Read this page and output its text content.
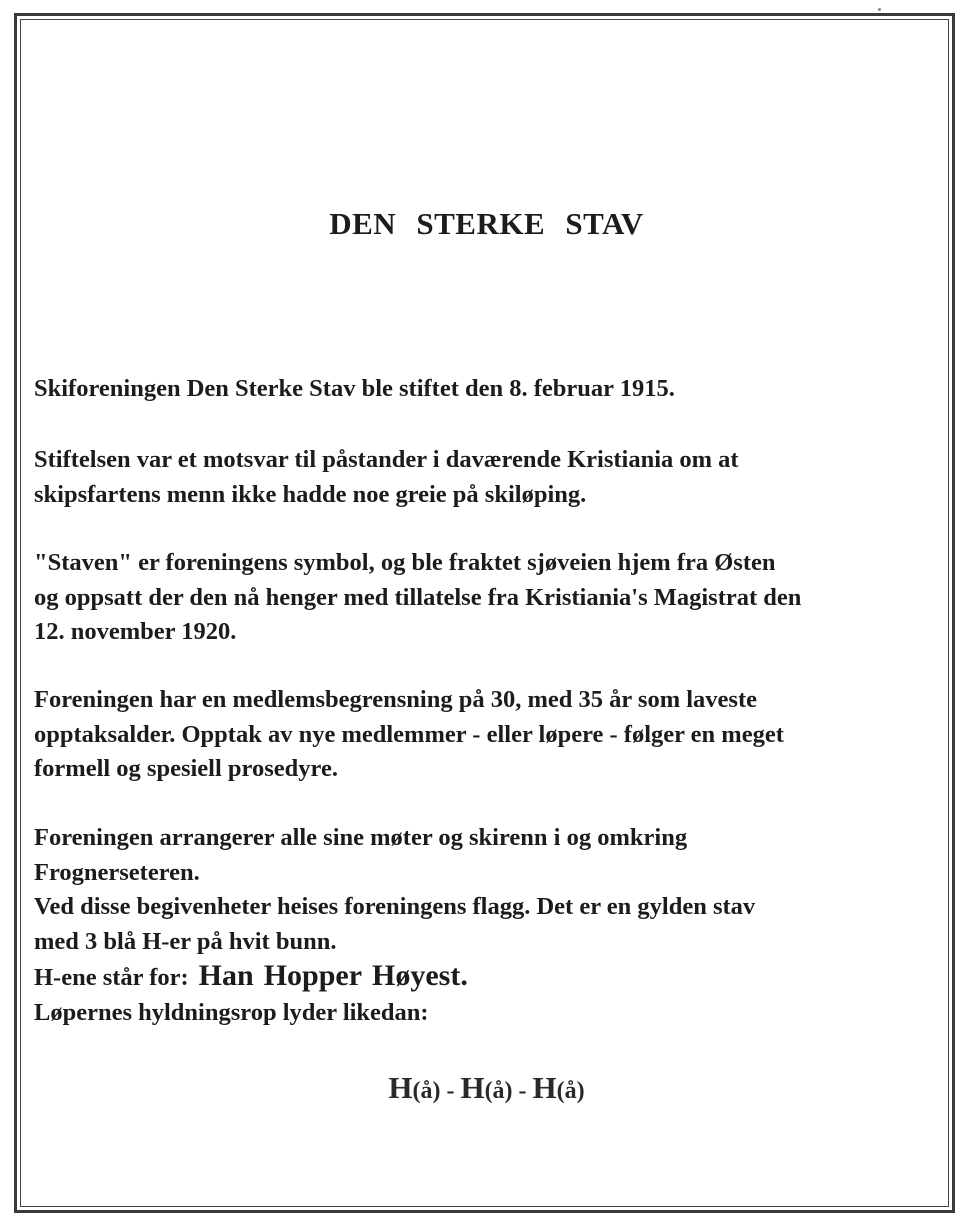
DEN STERKE STAV

Skiforeningen Den Sterke Stav ble stiftet den 8. februar 1915.

Stiftelsen var et motsvar til påstander i daværende Kristiania om at
skipsfartens menn ikke hadde noe greie på skiløping.

"Staven" er foreningens symbol, og ble fraktet sjøveien hjem fra Østen
og oppsatt der den nå henger med tillatelse fra Kristiania's Magistrat den
12. november 1920.

Foreningen har en medlemsbegrensning på 30, med 35 år som laveste
opptaksalder. Opptak av nye medlemmer - eller løpere - følger en meget
formell og spesiell prosedyre.

Foreningen arrangerer alle sine møter og skirenn i og omkring
Frognerseteren.
Ved disse begivenheter heises foreningens flagg. Det er en gylden stav
med 3 blå H-er på hvit bunn.
H-ene står for: Han Hopper Høyest.
Løpernes hyldningsrop lyder likedan:

H(å) - H(å) - H(å)
